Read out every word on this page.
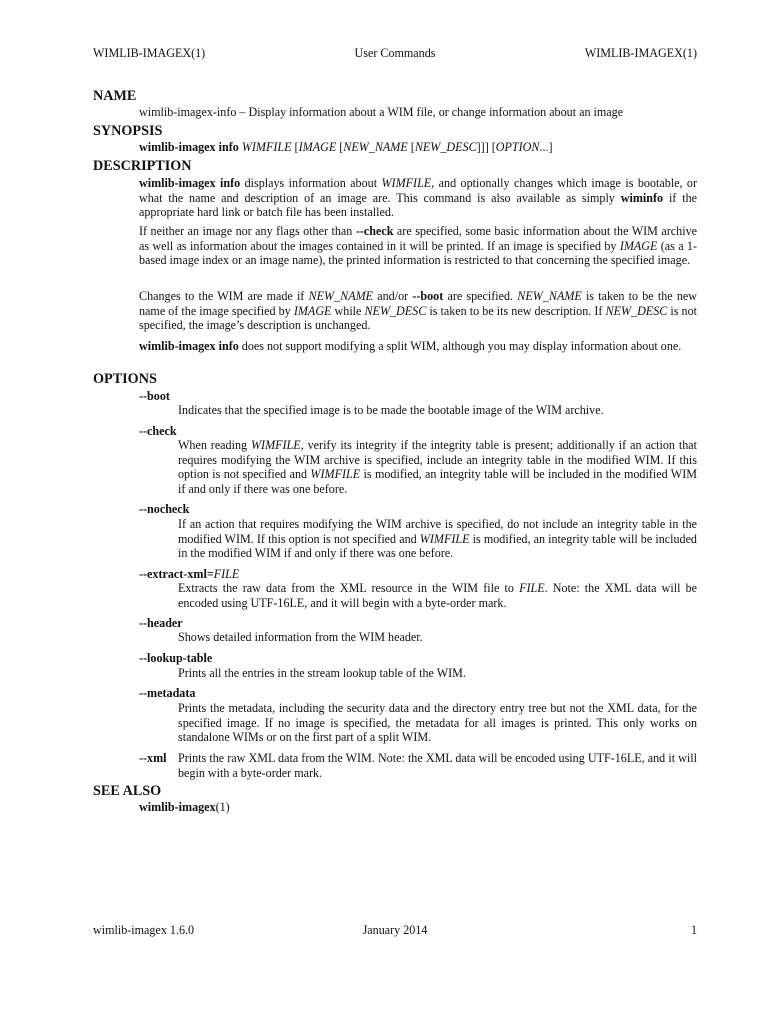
WIMLIB-IMAGEX(1)	User Commands	WIMLIB-IMAGEX(1)
NAME
wimlib-imagex-info – Display information about a WIM file, or change information about an image
SYNOPSIS
wimlib-imagex info WIMFILE [IMAGE [NEW_NAME [NEW_DESC]]] [OPTION...]
DESCRIPTION

wimlib-imagex info displays information about WIMFILE, and optionally changes which image is bootable, or what the name and description of an image are. This command is also available as simply wiminfo if the appropriate hard link or batch file has been installed.

If neither an image nor any flags other than --check are specified, some basic information about the WIM archive as well as information about the images contained in it will be printed. If an image is specified by IMAGE (as a 1-based image index or an image name), the printed information is restricted to that concerning the specified image.

Changes to the WIM are made if NEW_NAME and/or --boot are specified. NEW_NAME is taken to be the new name of the image specified by IMAGE while NEW_DESC is taken to be its new description. If NEW_DESC is not specified, the image’s description is unchanged.

wimlib-imagex info does not support modifying a split WIM, although you may display information about one.

OPTIONS
--boot
Indicates that the specified image is to be made the bootable image of the WIM archive.
--check

When reading WIMFILE, verify its integrity if the integrity table is present; additionally if an action that requires modifying the WIM archive is specified, include an integrity table in the modified WIM. If this option is not specified and WIMFILE is modified, an integrity table will be included in the modified WIM if and only if there was one before.

--nocheck

If an action that requires modifying the WIM archive is specified, do not include an integrity table in the modified WIM. If this option is not specified and WIMFILE is modified, an integrity table will be included in the modified WIM if and only if there was one before.

--extract-xml=FILE

Extracts the raw data from the XML resource in the WIM file to FILE. Note: the XML data will be encoded using UTF-16LE, and it will begin with a byte-order mark.

--header
Shows detailed information from the WIM header.
--lookup-table
Prints all the entries in the stream lookup table of the WIM.
--metadata
Prints the metadata, including the security data and the directory entry tree but not the XML data, for the specified image. If no image is specified, the metadata for all images is printed. This only works on standalone WIMs or on the first part of a split WIM.
--xml Prints the raw XML data from the WIM. Note: the XML data will be encoded using UTF-16LE, and it will begin with a byte-order mark.
SEE ALSO
wimlib-imagex(1)
wimlib-imagex 1.6.0	January 2014	1
